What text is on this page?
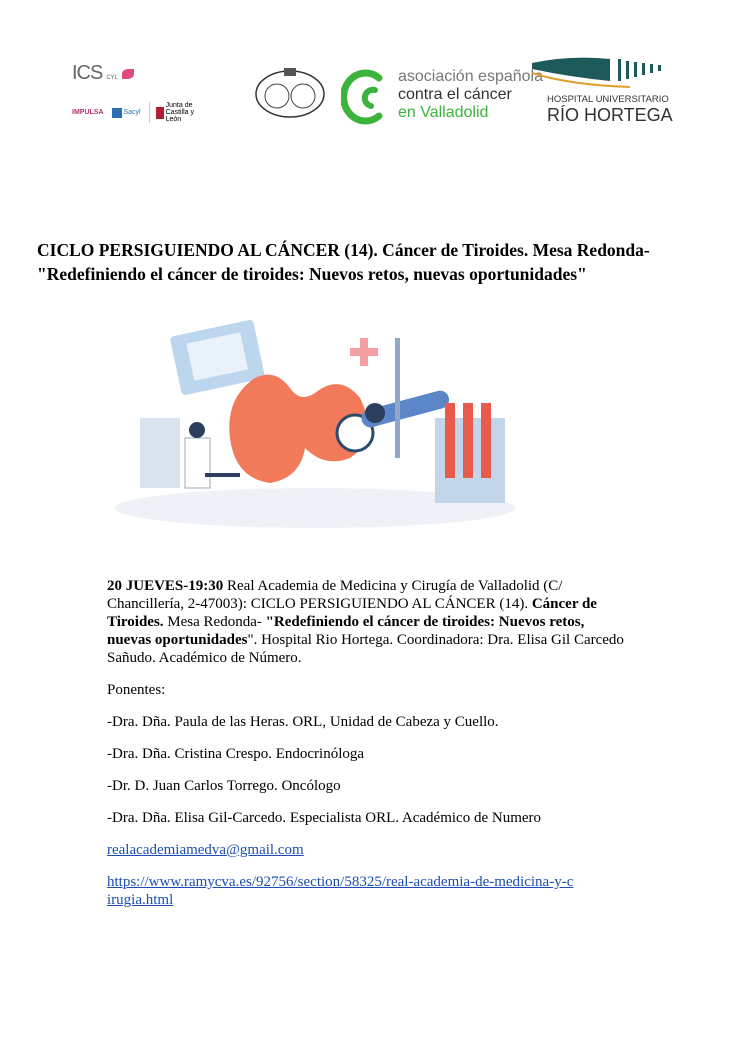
ICS CYL
IMPULSA	Sacyl
Junta de Castilla y León
asociación española
contra el cáncer
en Valladolid
HOSPITAL UNIVERSITARIO
RÍO HORTEGA
CICLO PERSIGUIENDO AL CÁNCER (14). Cáncer de Tiroides. Mesa Redonda-
"Redefiniendo el cáncer de tiroides: Nuevos retos, nuevas oportunidades"

20 JUEVES-19:30 Real Academia de Medicina y Cirugía de Valladolid (C/ Chancillería, 2-47003): CICLO PERSIGUIENDO AL CÁNCER (14). Cáncer de Tiroides. Mesa Redonda- "Redefiniendo el cáncer de tiroides: Nuevos retos, nuevas oportunidades". Hospital Rio Hortega. Coordinadora: Dra. Elisa Gil Carcedo Sañudo. Académico de Número.

Ponentes:

-Dra. Dña. Paula de las Heras. ORL, Unidad de Cabeza y Cuello.

-Dra. Dña. Cristina Crespo. Endocrinóloga

-Dr. D. Juan Carlos Torrego. Oncólogo

-Dra. Dña. Elisa Gil-Carcedo. Especialista ORL. Académico de Numero

realacademiamedva@gmail.com

https://www.ramycva.es/92756/section/58325/real-academia-de-medicina-y-cirugia.html
